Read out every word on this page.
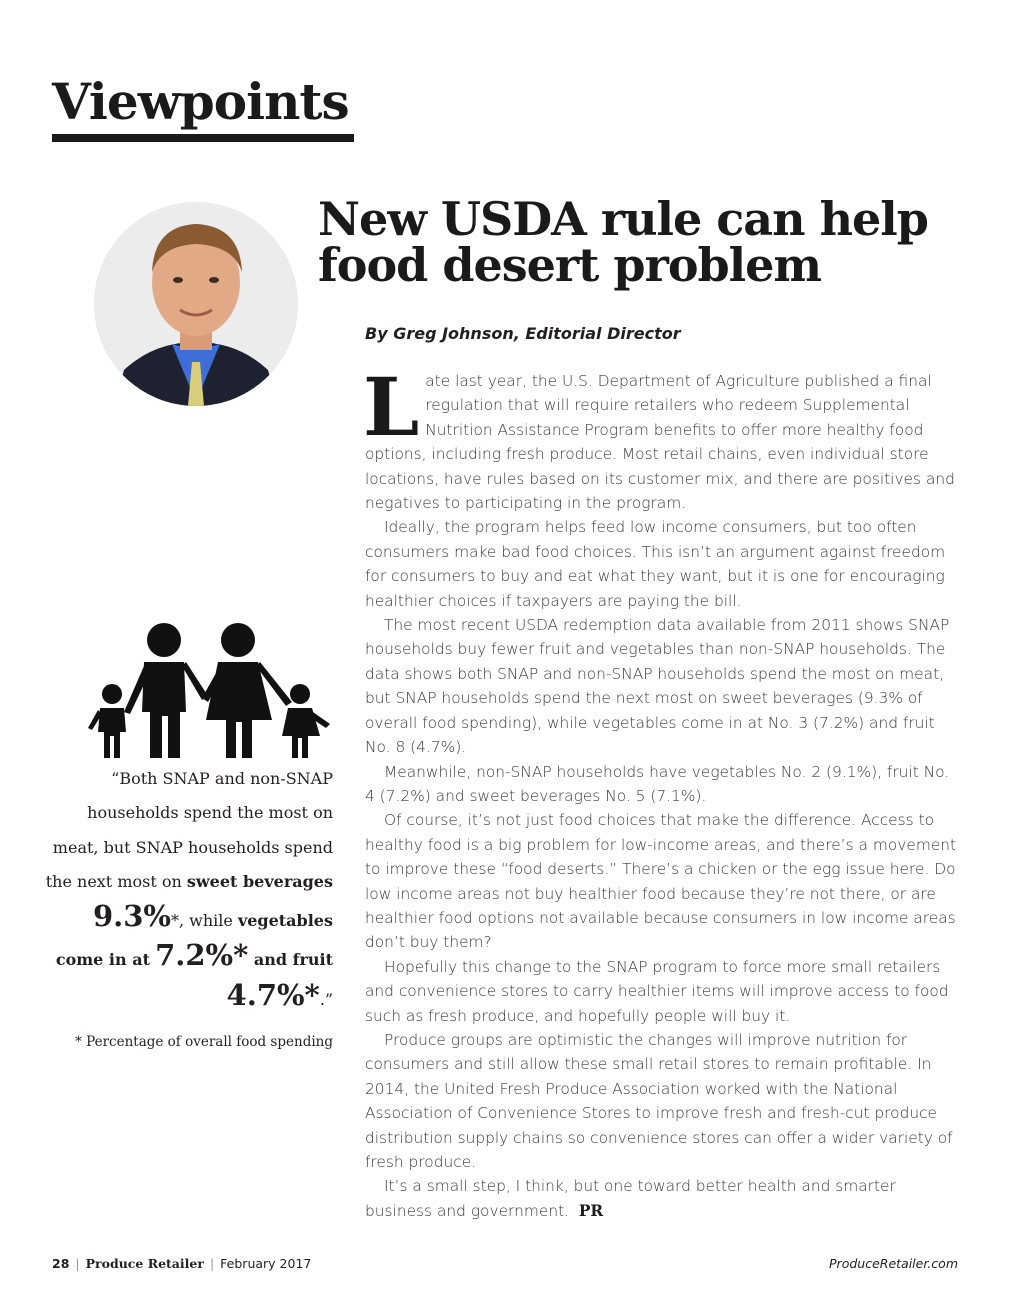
Viewpoints
New USDA rule can help food desert problem
By Greg Johnson, Editorial Director

Late last year, the U.S. Department of Agriculture published a final regulation that will require retailers who redeem Supplemental Nutrition Assistance Program benefits to offer more healthy food options, including fresh produce. Most retail chains, even individual store locations, have rules based on its customer mix, and there are positives and negatives to participating in the program.

Ideally, the program helps feed low income consumers, but too often consumers make bad food choices. This isn’t an argument against freedom for consumers to buy and eat what they want, but it is one for encouraging healthier choices if taxpayers are paying the bill.

The most recent USDA redemption data available from 2011 shows SNAP households buy fewer fruit and vegetables than non-SNAP households. The data shows both SNAP and non-SNAP households spend the most on meat, but SNAP households spend the next most on sweet beverages (9.3% of overall food spending), while vegetables come in at No. 3 (7.2%) and fruit No. 8 (4.7%).

Meanwhile, non-SNAP households have vegetables No. 2 (9.1%), fruit No. 4 (7.2%) and sweet beverages No. 5 (7.1%).

Of course, it’s not just food choices that make the difference. Access to healthy food is a big problem for low-income areas, and there’s a movement to improve these “food deserts.” There’s a chicken or the egg issue here. Do low income areas not buy healthier food because they’re not there, or are healthier food options not available because consumers in low income areas don’t buy them?

Hopefully this change to the SNAP program to force more small retailers and convenience stores to carry healthier items will improve access to food such as fresh produce, and hopefully people will buy it.

Produce groups are optimistic the changes will improve nutrition for consumers and still allow these small retail stores to remain profitable. In 2014, the United Fresh Produce Association worked with the National Association of Convenience Stores to improve fresh and fresh-cut produce distribution supply chains so convenience stores can offer a wider variety of fresh produce.

It’s a small step, I think, but one toward better health and smarter business and government. PR

“Both SNAP and non-SNAP households spend the most on meat, but SNAP households spend the next most on sweet beverages 9.3%*, while vegetables come in at 7.2%* and fruit 4.7%*.”
* Percentage of overall food spending
28 | Produce Retailer | February 2017	ProduceRetailer.com
